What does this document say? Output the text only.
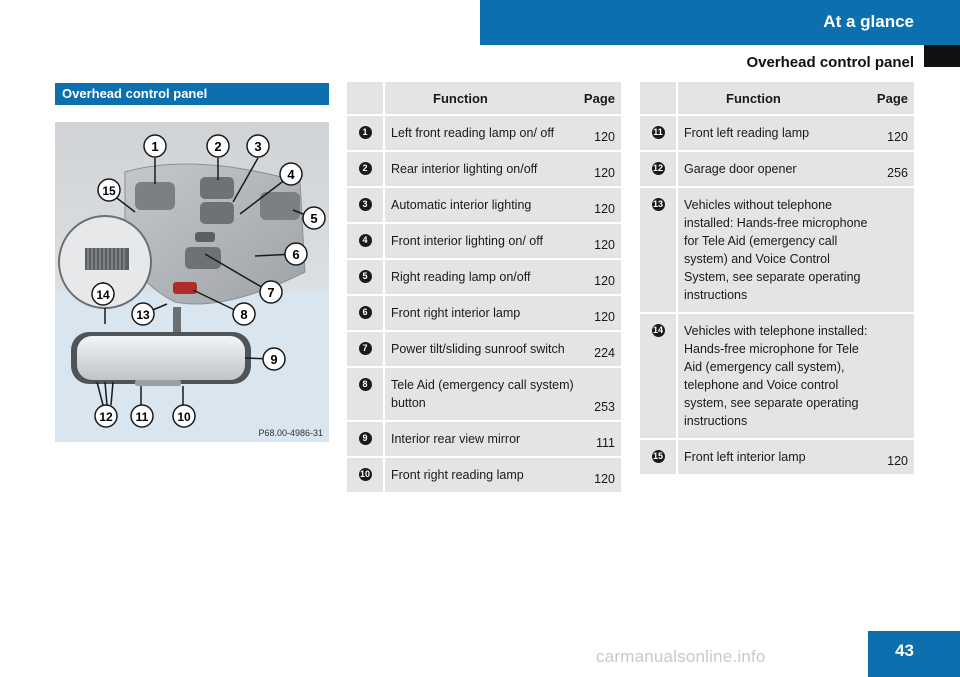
At a glance
Overhead control panel
Overhead control panel
1	2	3
4
5
6
7
8
9
10
11
12
13
14
15
P68.00-4986-31
	Function	Page
1	Left front reading lamp on/ off	120
2	Rear interior lighting on/off	120
3	Automatic interior lighting	120
4	Front interior lighting on/ off	120
5	Right reading lamp on/off	120
6	Front right interior lamp	120
7	Power tilt/sliding sunroof switch	224
8	Tele Aid (emergency call system) button	253
9	Interior rear view mirror	111
10	Front right reading lamp	120
	Function	Page
11	Front left reading lamp	120
12	Garage door opener	256
13	Vehicles without telephone installed: Hands-free microphone for Tele Aid (emergency call system) and Voice Control System, see separate operating instructions	
14	Vehicles with telephone installed: Hands-free microphone for Tele Aid (emergency call system), telephone and Voice control system, see separate operating instructions	
15	Front left interior lamp	120
43
carmanualsonline.info
